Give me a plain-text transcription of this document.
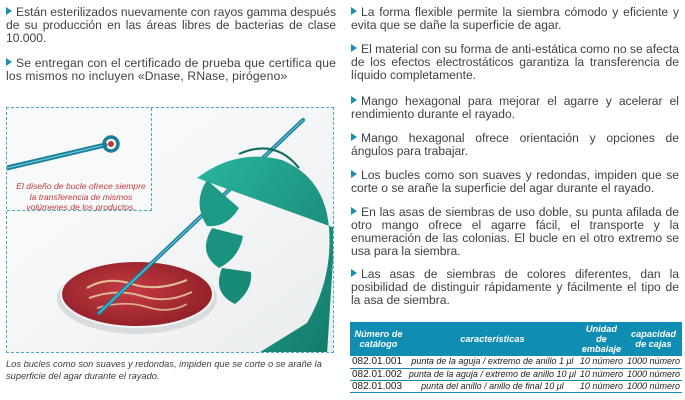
Están esterilizados nuevamente con rayos gamma después de su producción en las áreas libres de bacterias de clase 10.000.
Se entregan con el certificado de prueba que certifica que los mismos no incluyen «Dnase, RNase, pirógeno»
El diseño de bucle ofrece siempre la transferencia de mismos volúmenes de los productos.
Los bucles como son suaves y redondas, impiden que se corte o se arañe la superficie del agar durante el rayado.
La forma flexible permite la siembra cómodo y eficiente y evita que se dañe la superficie de agar.
El material con su forma de anti-estática como no se afecta de los efectos electrostáticos garantiza la transferencia de líquido completamente.
Mango hexagonal para mejorar el agarre y acelerar el rendimiento durante el rayado.
Mango hexagonal ofrece orientación y opciones de ángulos para trabajar.
Los bucles como son suaves y redondas, impiden que se corte o se arañe la superficie del agar durante el rayado.
En las asas de siembras de uso doble, su punta afilada de otro mango ofrece el agarre fácil, el transporte y la enumeración de las colonias. El bucle en el otro extremo se usa para la siembra.
Las asas de siembras de colores diferentes, dan la posibilidad de distinguir rápidamente y fácilmente el tipo de la asa de siembra.
Número de catálogo	características	Unidad de embalaje	capacidad de cajas
082.01.001	punta de la aguja / extremo de anillo 1 μl	10 número	1000 número
082.01.002	punta de la aguja / extremo de anillo 10 μl	10 número	1000 número
082.01.003	punta del anillo / anillo de final 10 μl	10 número	1000 número
